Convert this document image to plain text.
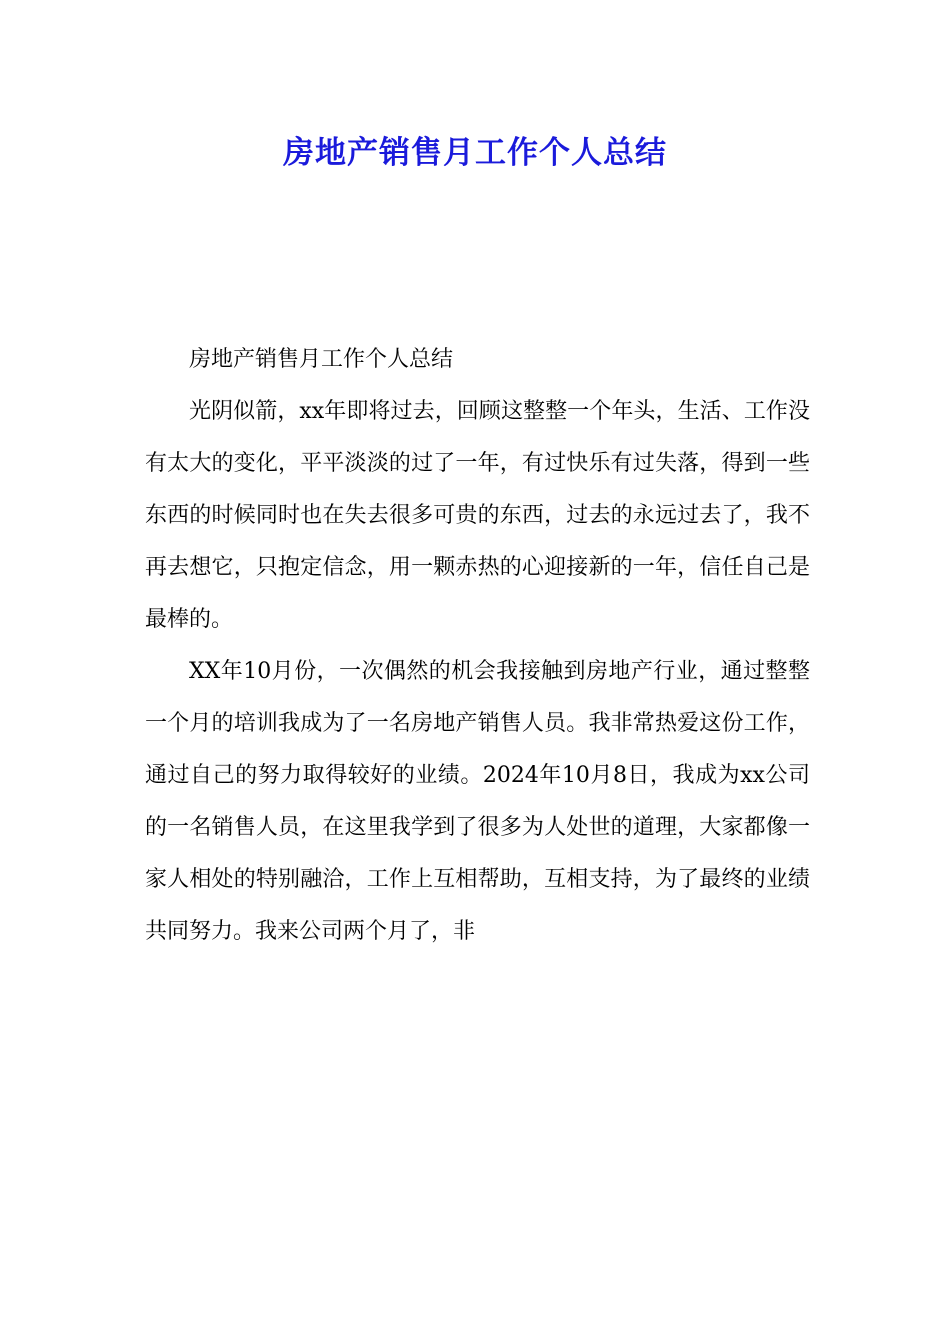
房地产销售月工作个人总结

房地产销售月工作个人总结

光阴似箭，xx年即将过去，回顾这整整一个年头，生活、工作没有太大的变化，平平淡淡的过了一年，有过快乐有过失落，得到一些东西的时候同时也在失去很多可贵的东西，过去的永远过去了，我不再去想它，只抱定信念，用一颗赤热的心迎接新的一年，信任自己是最棒的。

XX年10月份，一次偶然的机会我接触到房地产行业，通过整整一个月的培训我成为了一名房地产销售人员。我非常热爱这份工作，通过自己的努力取得较好的业绩。2024年10月8日，我成为xx公司的一名销售人员，在这里我学到了很多为人处世的道理，大家都像一家人相处的特别融洽，工作上互相帮助，互相支持，为了最终的业绩共同努力。我来公司两个月了，非
